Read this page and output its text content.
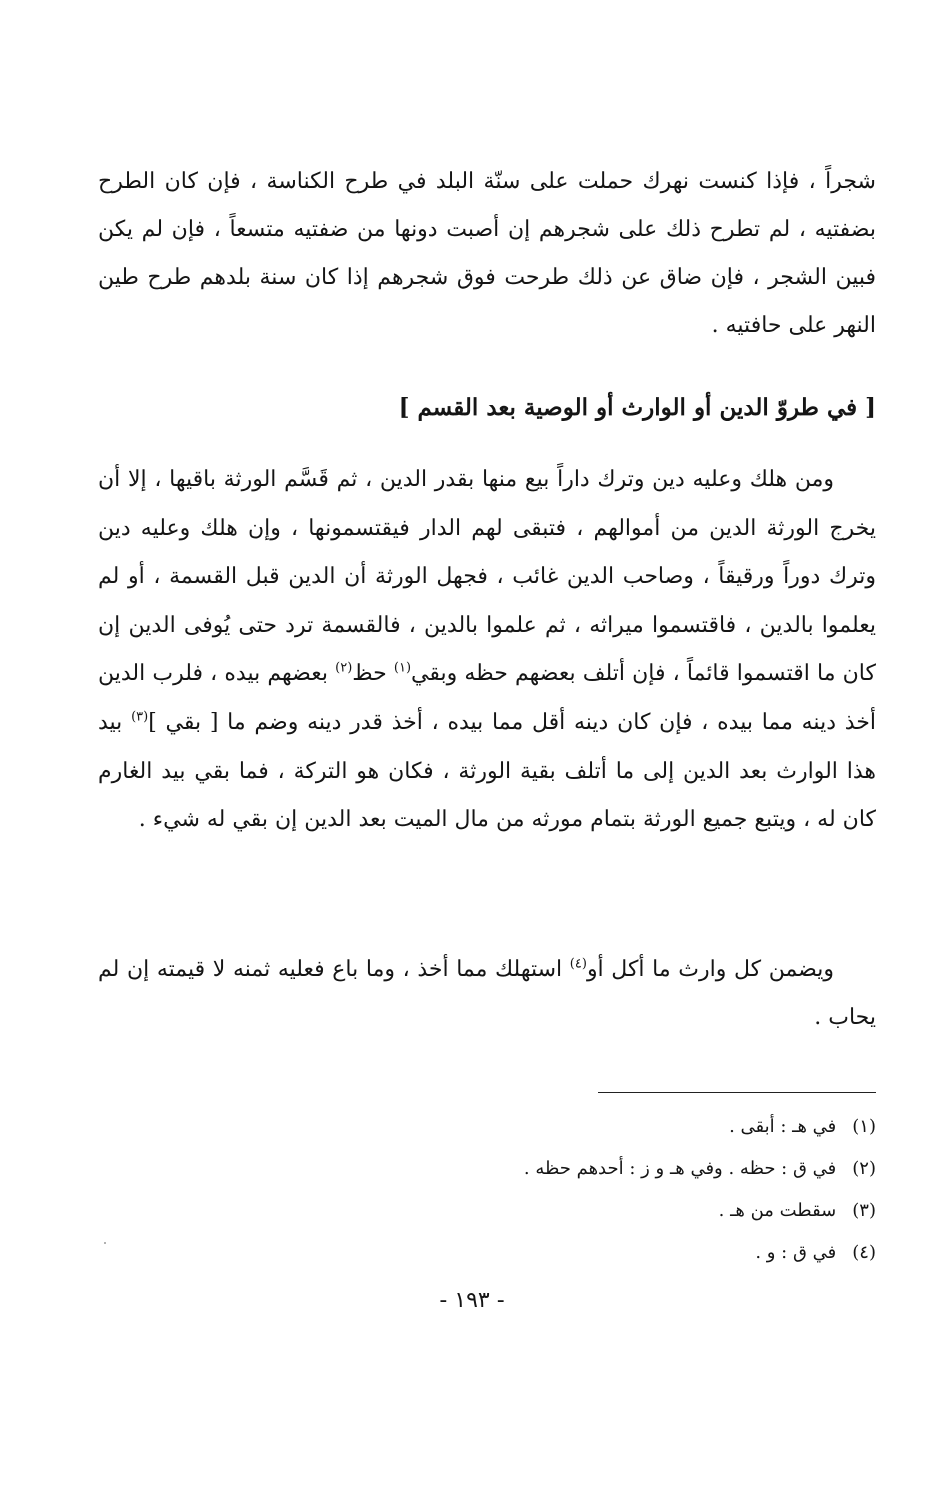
شجراً ، فإذا كنست نهرك حملت على سنّة البلد في طرح الكناسة ، فإن كان الطرح بضفتيه ، لم تطرح ذلك على شجرهم إن أصبت دونها من ضفتيه متسعاً ، فإن لم يكن فبين الشجر ، فإن ضاق عن ذلك طرحت فوق شجرهم إذا كان سنة بلدهم طرح طين النهر على حافتيه .

[ في طروّ الدين أو الوارث أو الوصية بعد القسم ]

ومن هلك وعليه دين وترك داراً بيع منها بقدر الدين ، ثم قَسَّم الورثة باقيها ، إلا أن يخرج الورثة الدين من أموالهم ، فتبقى لهم الدار فيقتسمونها ، وإن هلك وعليه دين وترك دوراً ورقيقاً ، وصاحب الدين غائب ، فجهل الورثة أن الدين قبل القسمة ، أو لم يعلموا بالدين ، فاقتسموا ميراثه ، ثم علموا بالدين ، فالقسمة ترد حتى يُوفى الدين إن كان ما اقتسموا قائماً ، فإن أتلف بعضهم حظه وبقي$^{(١)}$ حظ$^{(٢)}$ بعضهم بيده ، فلرب الدين أخذ دينه مما بيده ، فإن كان دينه أقل مما بيده ، أخذ قدر دينه وضم ما [ بقي ]$^{(٣)}$ بيد هذا الوارث بعد الدين إلى ما أتلف بقية الورثة ، فكان هو التركة ، فما بقي بيد الغارم كان له ، ويتبع جميع الورثة بتمام مورثه من مال الميت بعد الدين إن بقي له شيء .

ويضمن كل وارث ما أكل أو$^{(٤)}$ استهلك مما أخذ ، وما باع فعليه ثمنه لا قيمته إن لم يحاب .

(١) في هـ : أبقى .
(٢) في ق : حظه . وفي هـ و ز : أحدهم حظه .
(٣) سقطت من هـ .
(٤) في ق : و .
- ١٩٣ -
